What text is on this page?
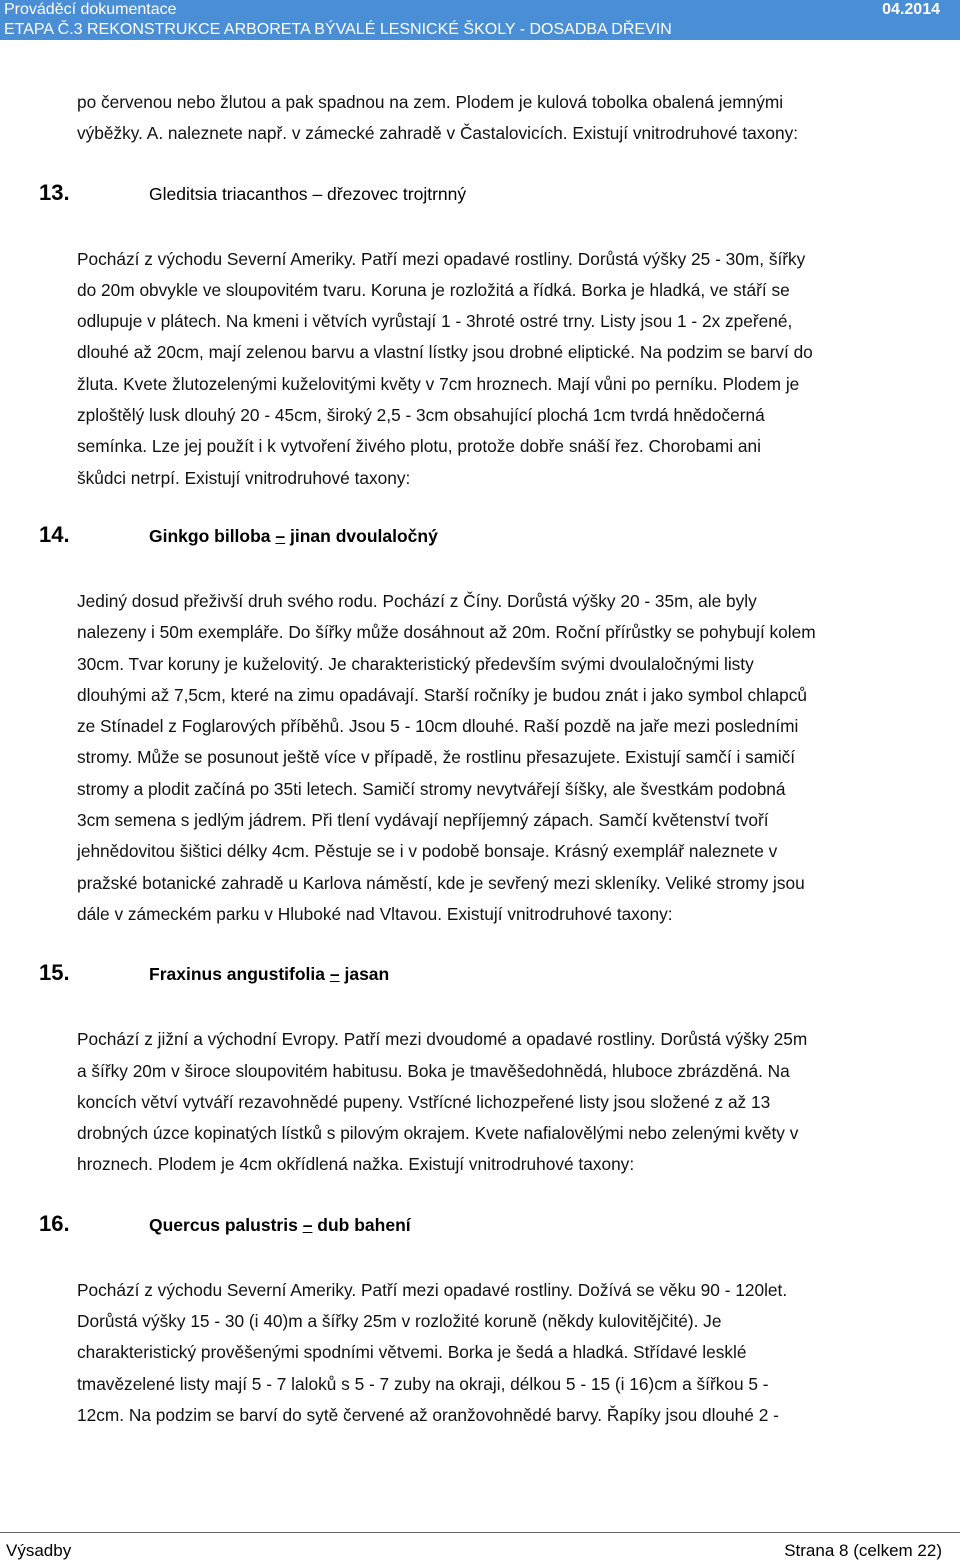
Prováděcí dokumentace	04.2014
ETAPA Č.3 REKONSTRUKCE ARBORETA BÝVALÉ LESNICKÉ ŠKOLY - DOSADBA DŘEVIN

po červenou nebo žlutou a pak spadnou na zem. Plodem je kulová tobolka obalená jemnými

výběžky. A. naleznete např. v zámecké zahradě v Častalovicích. Existují vnitrodruhové taxony:

13.	Gleditsia triacanthos – dřezovec trojtrnný

Pochází z východu Severní Ameriky. Patří mezi opadavé rostliny. Dorůstá výšky 25 - 30m, šířky

do 20m obvykle ve sloupovitém tvaru. Koruna je rozložitá a řídká. Borka je hladká, ve stáří se

odlupuje v plátech. Na kmeni i větvích vyrůstají 1 - 3hroté ostré trny. Listy jsou 1 - 2x zpeřené,

dlouhé až 20cm, mají zelenou barvu a vlastní lístky jsou drobné eliptické. Na podzim se barví do

žluta. Kvete žlutozelenými kuželovitými květy v 7cm hroznech. Mají vůni po perníku. Plodem je

zploštělý lusk dlouhý 20 - 45cm, široký 2,5 - 3cm obsahující plochá 1cm tvrdá hnědočerná

semínka. Lze jej použít i k vytvoření živého plotu, protože dobře snáší řez. Chorobami ani

škůdci netrpí. Existují vnitrodruhové taxony:

14.	Ginkgo billoba – jinan dvoulaločný

Jediný dosud přeživší druh svého rodu. Pochází z Číny. Dorůstá výšky 20 - 35m, ale byly

nalezeny i 50m exempláře. Do šířky může dosáhnout až 20m. Roční přírůstky se pohybují kolem

30cm. Tvar koruny je kuželovitý. Je charakteristický především svými dvoulaločnými listy

dlouhými až 7,5cm, které na zimu opadávají. Starší ročníky je budou znát i jako symbol chlapců

ze Stínadel z Foglarových příběhů. Jsou 5 - 10cm dlouhé. Raší pozdě na jaře mezi posledními

stromy. Může se posunout ještě více v případě, že rostlinu přesazujete. Existují samčí i samičí

stromy a plodit začíná po 35ti letech. Samičí stromy nevytvářejí šíšky, ale švestkám podobná

3cm semena s jedlým jádrem. Při tlení vydávají nepříjemný zápach. Samčí květenství tvoří

jehnědovitou šištici délky 4cm. Pěstuje se i v podobě bonsaje. Krásný exemplář naleznete v

pražské botanické zahradě u Karlova náměstí, kde je sevřený mezi skleníky. Veliké stromy jsou

dále v zámeckém parku v Hluboké nad Vltavou. Existují vnitrodruhové taxony:

15.	Fraxinus angustifolia – jasan

Pochází z jižní a východní Evropy. Patří mezi dvoudomé a opadavé rostliny. Dorůstá výšky 25m

a šířky 20m v široce sloupovitém habitusu. Boka je tmavěšedohnědá, hluboce zbrázděná. Na

koncích větví vytváří rezavohnědé pupeny. Vstřícné lichozpeřené listy jsou složené z až 13

drobných úzce kopinatých lístků s pilovým okrajem. Kvete nafialovělými nebo zelenými květy v

hroznech. Plodem je 4cm okřídlená nažka. Existují vnitrodruhové taxony:

16.	Quercus palustris – dub bahení

Pochází z východu Severní Ameriky. Patří mezi opadavé rostliny. Dožívá se věku 90 - 120let.

Dorůstá výšky 15 - 30 (i 40)m a šířky 25m v rozložité koruně (někdy kulovitějčité). Je

charakteristický prověšenými spodními větvemi. Borka je šedá a hladká. Střídavé lesklé

tmavězelené listy mají 5 - 7 laloků s 5 - 7 zuby na okraji, délkou 5 - 15 (i 16)cm a šířkou 5 -

12cm. Na podzim se barví do sytě červené až oranžovohnědé barvy. Řapíky jsou dlouhé 2 -

Výsadby	Strana 8 (celkem 22)
